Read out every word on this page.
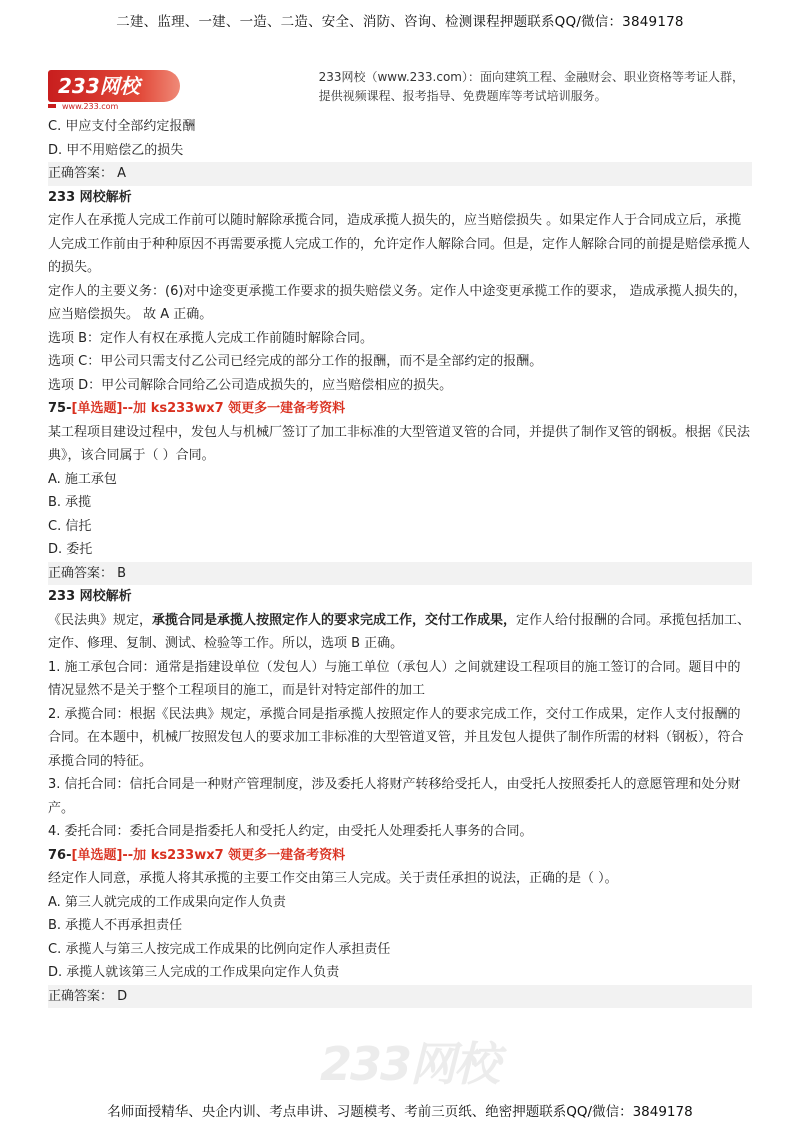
二建、监理、一建、一造、二造、安全、消防、咨询、检测课程押题联系QQ/微信：3849178
233网校
www.233.com
233网校（www.233.com）：面向建筑工程、金融财会、职业资格等考证人群，
提供视频课程、报考指导、免费题库等考试培训服务。

C. 甲应支付全部约定报酬

D. 甲不用赔偿乙的损失

正确答案： A

233 网校解析

定作人在承揽人完成工作前可以随时解除承揽合同，造成承揽人损失的，应当赔偿损失 。如果定作人于合同成立后，承揽人完成工作前由于种种原因不再需要承揽人完成工作的，允许定作人解除合同。但是，定作人解除合同的前提是赔偿承揽人的损失。

定作人的主要义务：(6)对中途变更承揽工作要求的损失赔偿义务。定作人中途变更承揽工作的要求， 造成承揽人损失的，应当赔偿损失。 故 A 正确。

选项 B：定作人有权在承揽人完成工作前随时解除合同。

选项 C：甲公司只需支付乙公司已经完成的部分工作的报酬，而不是全部约定的报酬。

选项 D：甲公司解除合同给乙公司造成损失的，应当赔偿相应的损失。

75-[单选题]--加 ks233wx7 领更多一建备考资料

某工程项目建设过程中，发包人与机械厂签订了加工非标准的大型管道叉管的合同，并提供了制作叉管的钢板。根据《民法典》，该合同属于（ ）合同。

A. 施工承包

B. 承揽

C. 信托

D. 委托

正确答案： B

233 网校解析

《民法典》规定，承揽合同是承揽人按照定作人的要求完成工作，交付工作成果，定作人给付报酬的合同。承揽包括加工、定作、修理、复制、测试、检验等工作。所以，选项 B 正确。

1. 施工承包合同：通常是指建设单位（发包人）与施工单位（承包人）之间就建设工程项目的施工签订的合同。题目中的情况显然不是关于整个工程项目的施工，而是针对特定部件的加工

2. 承揽合同：根据《民法典》规定，承揽合同是指承揽人按照定作人的要求完成工作，交付工作成果，定作人支付报酬的合同。在本题中，机械厂按照发包人的要求加工非标准的大型管道叉管，并且发包人提供了制作所需的材料（钢板），符合承揽合同的特征。

3. 信托合同：信托合同是一种财产管理制度，涉及委托人将财产转移给受托人，由受托人按照委托人的意愿管理和处分财产。

4. 委托合同：委托合同是指委托人和受托人约定，由受托人处理委托人事务的合同。

76-[单选题]--加 ks233wx7 领更多一建备考资料

经定作人同意，承揽人将其承揽的主要工作交由第三人完成。关于责任承担的说法，正确的是（ ）。

A. 第三人就完成的工作成果向定作人负责

B. 承揽人不再承担责任

C. 承揽人与第三人按完成工作成果的比例向定作人承担责任

D. 承揽人就该第三人完成的工作成果向定作人负责

正确答案： D

233网校
名师面授精华、央企内训、考点串讲、习题模考、考前三页纸、绝密押题联系QQ/微信：3849178
